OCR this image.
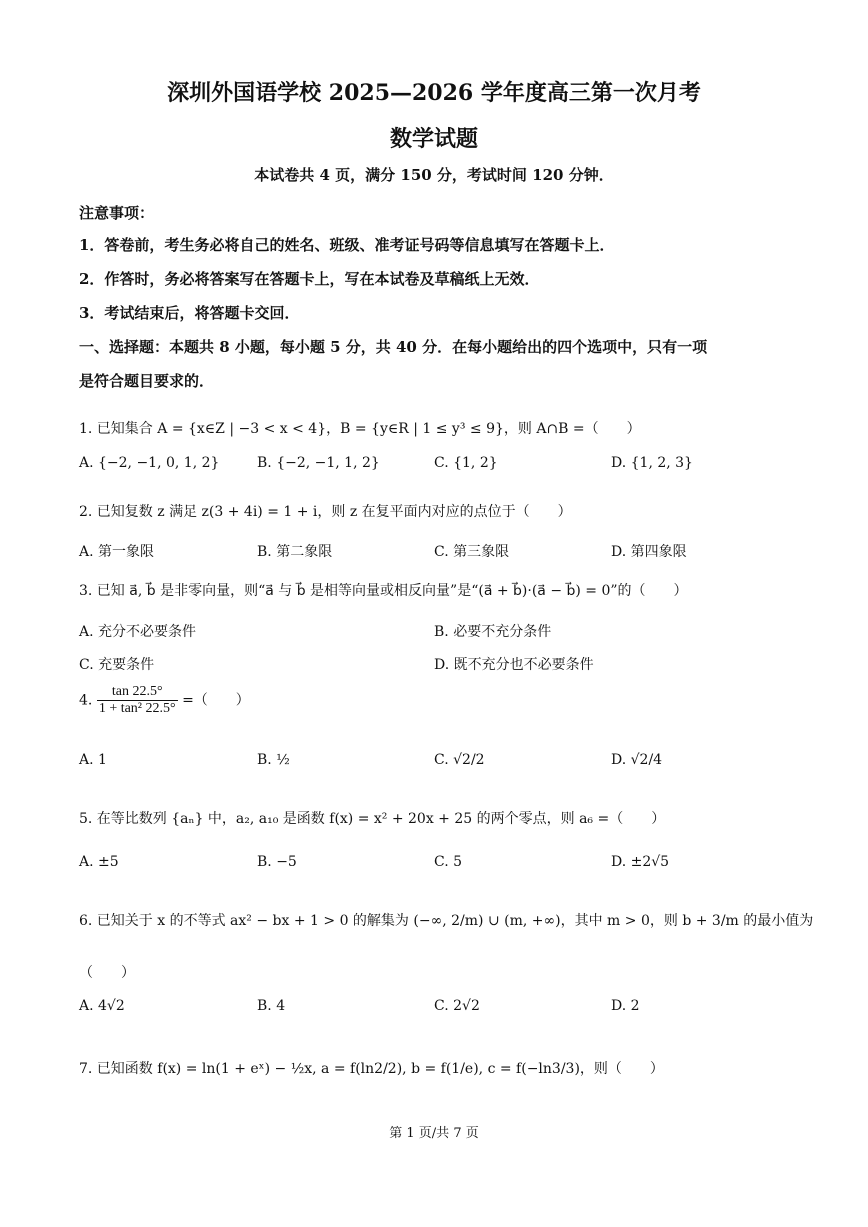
深圳外国语学校 2025—2026 学年度高三第一次月考
数学试题
本试卷共 4 页，满分 150 分，考试时间 120 分钟．
注意事项：
1．答卷前，考生务必将自己的姓名、班级、准考证号码等信息填写在答题卡上．
2．作答时，务必将答案写在答题卡上，写在本试卷及草稿纸上无效．
3．考试结束后，将答题卡交回．
一、选择题：本题共 8 小题，每小题 5 分，共 40 分．在每小题给出的四个选项中，只有一项
是符合题目要求的．
1. 已知集合 A = {x∈Z | −3 < x < 4}，B = {y∈R | 1 ≤ y³ ≤ 9}，则 A∩B =（　　）
A. {−2, −1, 0, 1, 2}	B. {−2, −1, 1, 2}	C. {1, 2}	D. {1, 2, 3}
2. 已知复数 z 满足 z(3 + 4i) = 1 + i，则 z 在复平面内对应的点位于（　　）
A. 第一象限	B. 第二象限	C. 第三象限	D. 第四象限
3. 已知 a⃗, b⃗ 是非零向量，则“a⃗ 与 b⃗ 是相等向量或相反向量”是“(a⃗ + b⃗)·(a⃗ − b⃗) = 0”的（　　）
A. 充分不必要条件	B. 必要不充分条件
C. 充要条件	D. 既不充分也不必要条件
4. $\frac{\tan 22.5^\circ}{\text{1 + tan² 22.5°}}$ =（　　）
A. 1	B. ½	C. √2/2	D. √2/4
5. 在等比数列 {aₙ} 中，a₂, a₁₀ 是函数 f(x) = x² + 20x + 25 的两个零点，则 a₆ =（　　）
A. ±5	B. −5	C. 5	D. ±2√5
6. 已知关于 x 的不等式 ax² − bx + 1 > 0 的解集为 (−∞, 2/m) ∪ (m, +∞)，其中 m > 0，则 b + 3/m 的最小值为
（　　）
A. 4√2	B. 4	C. 2√2	D. 2
7. 已知函数 f(x) = ln(1 + eˣ) − ½x, a = f(ln2/2), b = f(1/e), c = f(−ln3/3)，则（　　）
第 1 页/共 7 页
